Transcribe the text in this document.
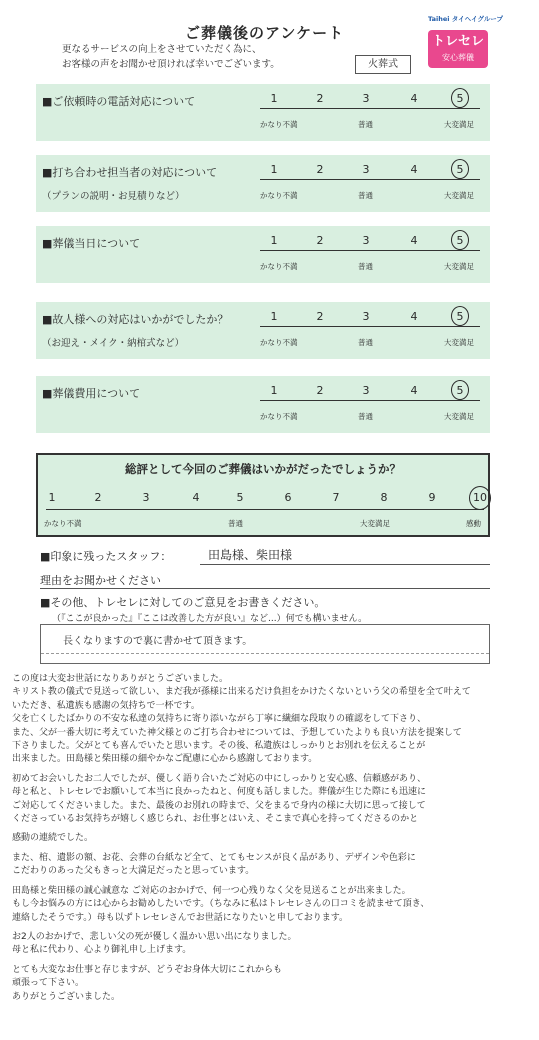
ご葬儀後のアンケート
更なるサービスの向上をさせていただく為に、
お客様の声をお聞かせ頂ければ幸いでございます。	火葬式
Taihei タイヘイグループ
トレセレ
安心葬儀
■ご依頼時の電話対応について	1	2	3	4	5
かなり不満	普通	大変満足
■打ち合わせ担当者の対応について
（プランの説明・お見積りなど）
1	2	3	4	5
かなり不満	普通	大変満足
■葬儀当日について	1	2	3	4	5
かなり不満	普通	大変満足
■故人様への対応はいかがでしたか？
（お迎え・メイク・納棺式など）
1	2	3	4	5
かなり不満	普通	大変満足
■葬儀費用について	1	2	3	4	5
かなり不満	普通	大変満足
総評として今回のご葬儀はいかがだったでしょうか？
1	2	3	4	5	6	7	8	9	10
かなり不満	普通	大変満足	感動
■印象に残ったスタッフ：	田島様、柴田様
理由をお聞かせください
■その他、トレセレに対してのご意見をお書きください。
（『ここが良かった』『ここは改善した方が良い』など...）何でも構いません。
長くなりますので裏に書かせて頂きます。

この度は大変お世話になりありがとうございました。

キリスト教の儀式で見送って欲しい、まだ我が孫様に出来るだけ負担をかけたくないという父の希望を全て叶えて

いただき、私遺族も感謝の気持ちで一杯です。

父を亡くしたばかりの不安な私達の気持ちに寄り添いながら丁寧に繊細な段取りの確認をして下さり、

また、父が一番大切に考えていた神父様とのご打ち合わせについては、予想していたよりも良い方法を提案して

下さりました。父がとても喜んでいたと思います。その後、私遺族はしっかりとお別れを伝えることが

出来ました。田島様と柴田様の細やかなご配慮に心から感謝しております。

初めてお会いしたお二人でしたが、優しく語り合いたご対応の中にしっかりと安心感、信頼感があり、

母と私と、トレセレでお願いして本当に良かったねと、何度も話しました。葬儀が生じた際にも迅速に

ご対応してくださいました。また、最後のお別れの時まで、父をまるで身内の様に大切に思って接して

くださっているお気持ちが嬉しく感じられ、お仕事とはいえ、そこまで真心を持ってくださるのかと

感動の連続でした。

また、棺、遺影の額、お花、会葬の台紙など全て、とてもセンスが良く品があり、デザインや色彩に

こだわりのあった父もきっと大満足だったと思っています。

田島様と柴田様の誠心誠意な ご対応のおかげで、何一つ心残りなく父を見送ることが出来ました。

もし今お悩みの方には心からお勧めしたいです。（ちなみに私はトレセレさんの口コミを読ませて頂き、

連絡したそうです。）母も以ずトレセレさんでお世話になりたいと申しております。

お2人のおかげで、悲しい父の死が優しく温かい思い出になりました。

母と私に代わり、心より御礼申し上げます。

とても大変なお仕事と存じますが、どうぞお身体大切にこれからも

頑張って下さい。

ありがとうございました。
